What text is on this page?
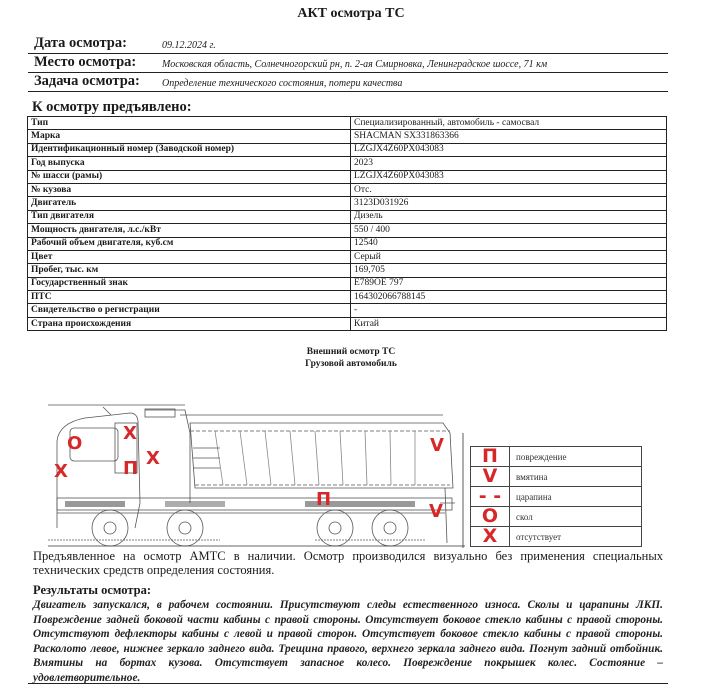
АКТ осмотра ТС
Дата осмотра:	09.12.2024 г.
Место осмотра:	Московская область, Солнечногорский рн, п. 2-ая Смирновка, Ленинградское шоссе, 71 км
Задача осмотра: Определение технического состояния, потери качества
К осмотру предъявлено:
Тип	Специализированный, автомобиль - самосвал
Марка	SHACMAN SX331863366
Идентификационный номер (Заводской номер)	LZGJX4Z60PX043083
Год выпуска	2023
№ шасси (рамы)	LZGJX4Z60PX043083
№ кузова	Отс.
Двигатель	3123D031926
Тип двигателя	Дизель
Мощность двигателя, л.с./кВт	550 / 400
Рабочий объем двигателя, куб.см	12540
Цвет	Серый
Пробег, тыс. км	169,705
Государственный знак	Е789ОЕ 797
ПТС	164302066788145
Свидетельство о регистрации	-
Страна происхождения	Китай
Внешний осмотр ТС
Грузовой автомобиль
О
Х
Х
П Х
V
П
V
П	повреждение
V	вмятина
- -	царапина
О	скол
Х	отсутствует
Предъявленное на осмотр АМТС в наличии. Осмотр производился визуально без применения специальных технических средств определения состояния.
Результаты осмотра:
Двигатель запускался, в рабочем состоянии. Присутствуют следы естественного износа. Сколы и царапины ЛКП. Повреждение задней боковой части кабины с правой стороны. Отсутствует боковое стекло кабины с правой стороны. Отсутствуют дефлекторы кабины с левой и правой сторон. Отсутствует боковое стекло кабины с правой стороны. Расколото левое, нижнее зеркало заднего вида. Трещина правого, верхнего зеркала заднего вида. Погнут задний отбойник. Вмятины на бортах кузова. Отсутствует запасное колесо. Повреждение покрышек колес. Состояние – удовлетворительное.
